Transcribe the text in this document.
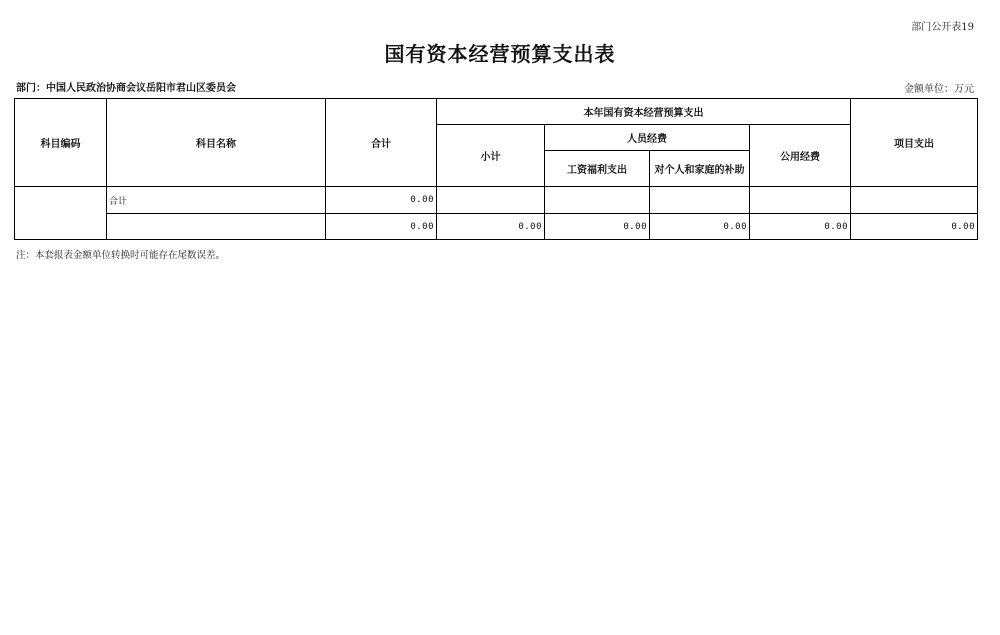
部门公开表19
国有资本经营预算支出表
部门：中国人民政治协商会议岳阳市君山区委员会	金额单位：万元
科目编码	科目名称	合计	本年国有资本经营预算支出				项目支出
			小计	人员经费		公用经费	
				工资福利支出	对个人和家庭的补助		
	合计	0.00					
		0.00	0.00	0.00	0.00	0.00	0.00
注：本套报表金额单位转换时可能存在尾数误差。
